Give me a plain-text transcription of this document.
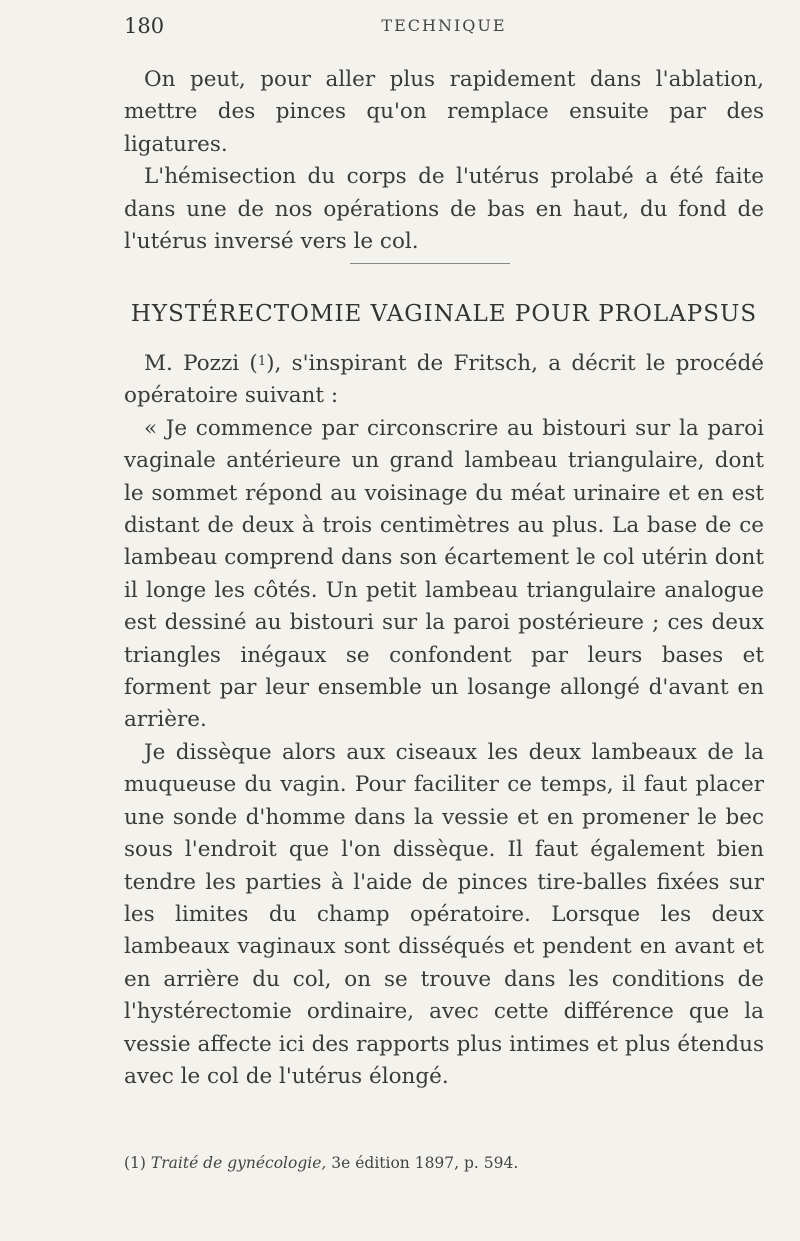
180	TECHNIQUE

On peut, pour aller plus rapidement dans l'ablation, mettre des pinces qu'on remplace ensuite par des ligatures.

L'hémisection du corps de l'utérus prolabé a été faite dans une de nos opérations de bas en haut, du fond de l'utérus inversé vers le col.

HYSTÉRECTOMIE VAGINALE POUR PROLAPSUS

M. Pozzi ($^1$), s'inspirant de Fritsch, a décrit le procédé opératoire suivant :

« Je commence par circonscrire au bistouri sur la paroi vaginale antérieure un grand lambeau triangulaire, dont le sommet répond au voisinage du méat urinaire et en est distant de deux à trois centimètres au plus. La base de ce lambeau comprend dans son écartement le col utérin dont il longe les côtés. Un petit lambeau triangulaire analogue est dessiné au bistouri sur la paroi postérieure ; ces deux triangles inégaux se confondent par leurs bases et forment par leur ensemble un losange allongé d'avant en arrière.

Je dissèque alors aux ciseaux les deux lambeaux de la muqueuse du vagin. Pour faciliter ce temps, il faut placer une sonde d'homme dans la vessie et en promener le bec sous l'endroit que l'on dissèque. Il faut également bien tendre les parties à l'aide de pinces tire-balles fixées sur les limites du champ opératoire. Lorsque les deux lambeaux vaginaux sont disséqués et pendent en avant et en arrière du col, on se trouve dans les conditions de l'hystérectomie ordinaire, avec cette différence que la vessie affecte ici des rapports plus intimes et plus étendus avec le col de l'utérus élongé.

(1) Traité de gynécologie, 3e édition 1897, p. 594.
